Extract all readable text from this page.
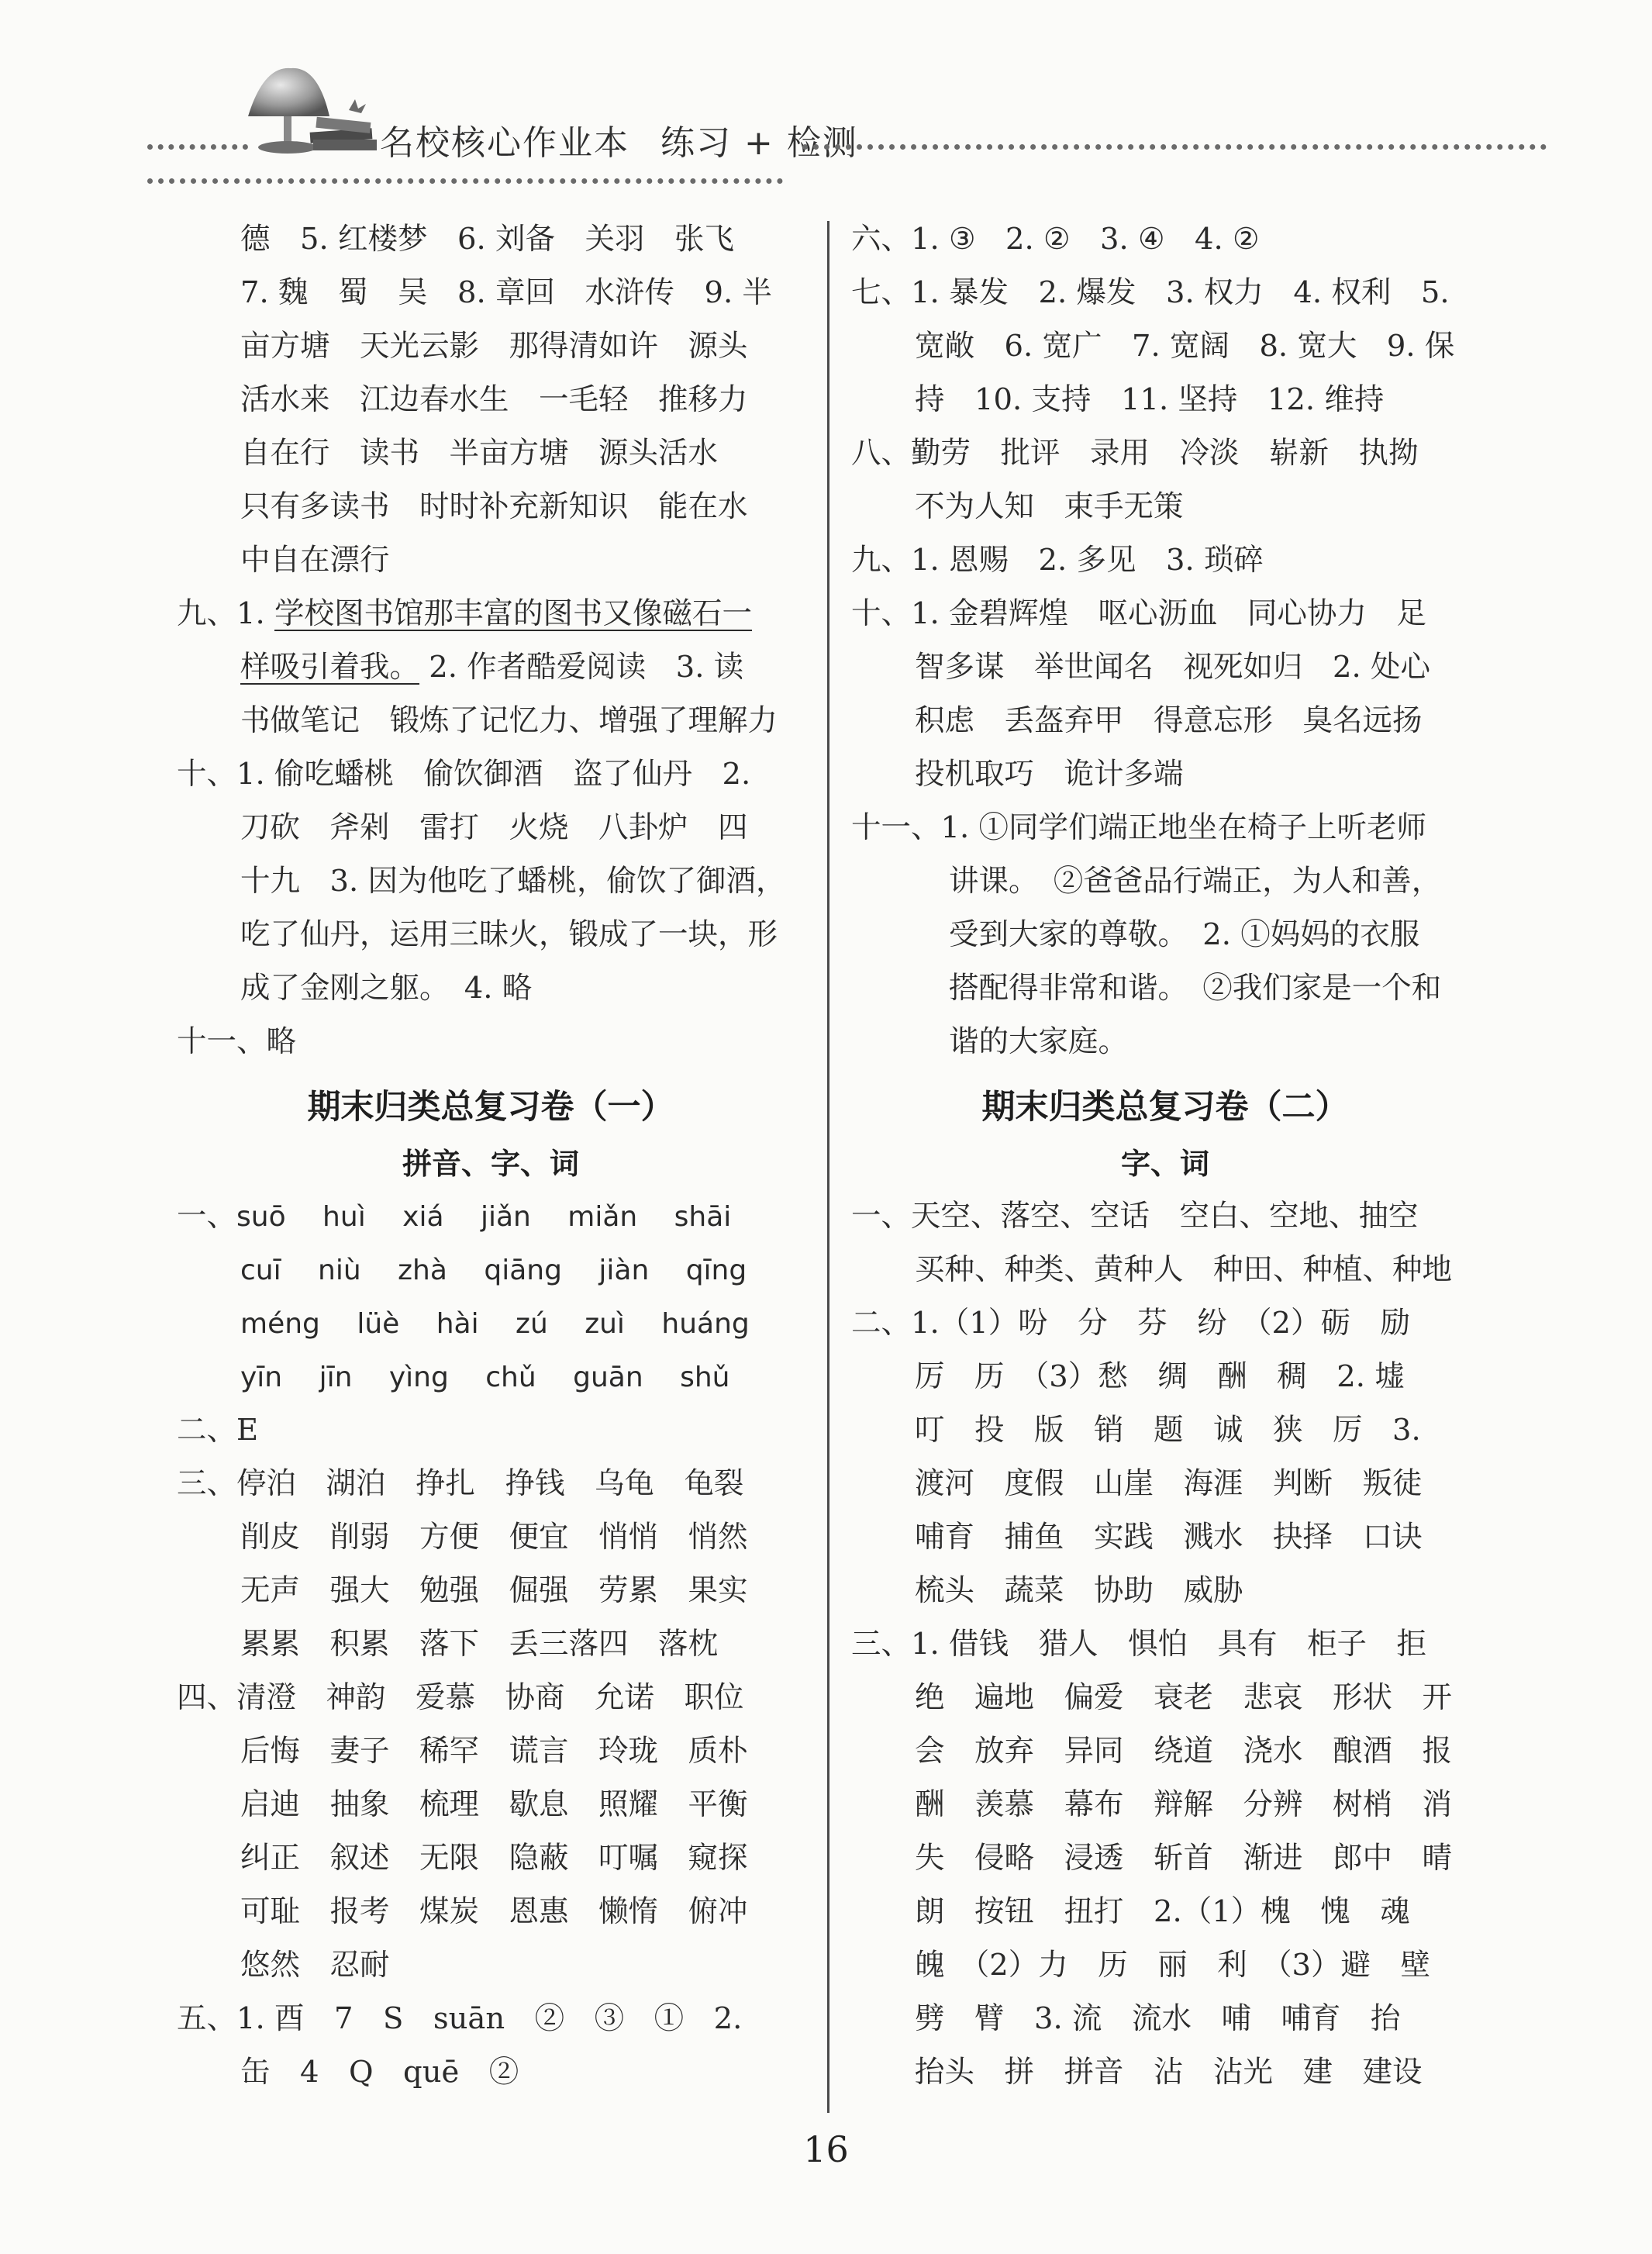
名校核心作业本 练习 + 检测
德　5. 红楼梦　6. 刘备　关羽　张飞
7. 魏　蜀　吴　8. 章回　水浒传　9. 半
亩方塘　天光云影　那得清如许　源头
活水来　江边春水生　一毛轻　推移力
自在行　读书　半亩方塘　源头活水
只有多读书　时时补充新知识　能在水
中自在漂行
九、1. 学校图书馆那丰富的图书又像磁石一
样吸引着我。 2. 作者酷爱阅读　3. 读
书做笔记　锻炼了记忆力、增强了理解力
十、1. 偷吃蟠桃　偷饮御酒　盗了仙丹　2.
刀砍　斧剁　雷打　火烧　八卦炉　四
十九　3. 因为他吃了蟠桃，偷饮了御酒，
吃了仙丹，运用三昧火，锻成了一块，形
成了金刚之躯。　4. 略
十一、略
期末归类总复习卷（一）
拼音、字、词
一、suō　 huì　 xiá　 jiǎn　 miǎn　 shāi
cuī　 niù　 zhà　 qiāng　 jiàn　 qīng
méng　 lüè　 hài　 zú　 zuì　 huáng
yīn　 jīn　 yìng　 chǔ　 guān　 shǔ
二、E
三、停泊　湖泊　挣扎　挣钱　乌龟　龟裂
削皮　削弱　方便　便宜　悄悄　悄然
无声　强大　勉强　倔强　劳累　果实
累累　积累　落下　丢三落四　落枕
四、清澄　神韵　爱慕　协商　允诺　职位
后悔　妻子　稀罕　谎言　玲珑　质朴
启迪　抽象　梳理　歇息　照耀　平衡
纠正　叙述　无限　隐蔽　叮嘱　窥探
可耻　报考　煤炭　恩惠　懒惰　俯冲
悠然　忍耐
五、1. 酉　7　S　suān　②　③　①　2.
缶　4　Q　quē　②
六、1. ③　2. ②　3. ④　4. ②
七、1. 暴发　2. 爆发　3. 权力　4. 权利　5.
宽敞　6. 宽广　7. 宽阔　8. 宽大　9. 保
持　10. 支持　11. 坚持　12. 维持
八、勤劳　批评　录用　冷淡　崭新　执拗
不为人知　束手无策
九、1. 恩赐　2. 多见　3. 琐碎
十、1. 金碧辉煌　呕心沥血　同心协力　足
智多谋　举世闻名　视死如归　2. 处心
积虑　丢盔弃甲　得意忘形　臭名远扬
投机取巧　诡计多端
十一、1. ①同学们端正地坐在椅子上听老师
讲课。　②爸爸品行端正，为人和善，
受到大家的尊敬。　2. ①妈妈的衣服
搭配得非常和谐。　②我们家是一个和
谐的大家庭。
期末归类总复习卷（二）
字、词
一、天空、落空、空话　空白、空地、抽空
买种、种类、黄种人　种田、种植、种地
二、1.（1）吩　分　芬　纷　（2）砺　励
厉　历　（3）愁　绸　酬　稠　2. 墟
叮　投　版　销　题　诚　狭　厉　3.
渡河　度假　山崖　海涯　判断　叛徒
哺育　捕鱼　实践　溅水　抉择　口诀
梳头　蔬菜　协助　威胁
三、1. 借钱　猎人　惧怕　具有　柜子　拒
绝　遍地　偏爱　衰老　悲哀　形状　开
会　放弃　异同　绕道　浇水　酿酒　报
酬　羡慕　幕布　辩解　分辨　树梢　消
失　侵略　浸透　斩首　渐进　郎中　晴
朗　按钮　扭打　2.（1）槐　愧　魂
魄　（2）力　历　丽　利　（3）避　壁
劈　臂　3. 流　流水　哺　哺育　抬
抬头　拼　拼音　沾　沾光　建　建设
16
